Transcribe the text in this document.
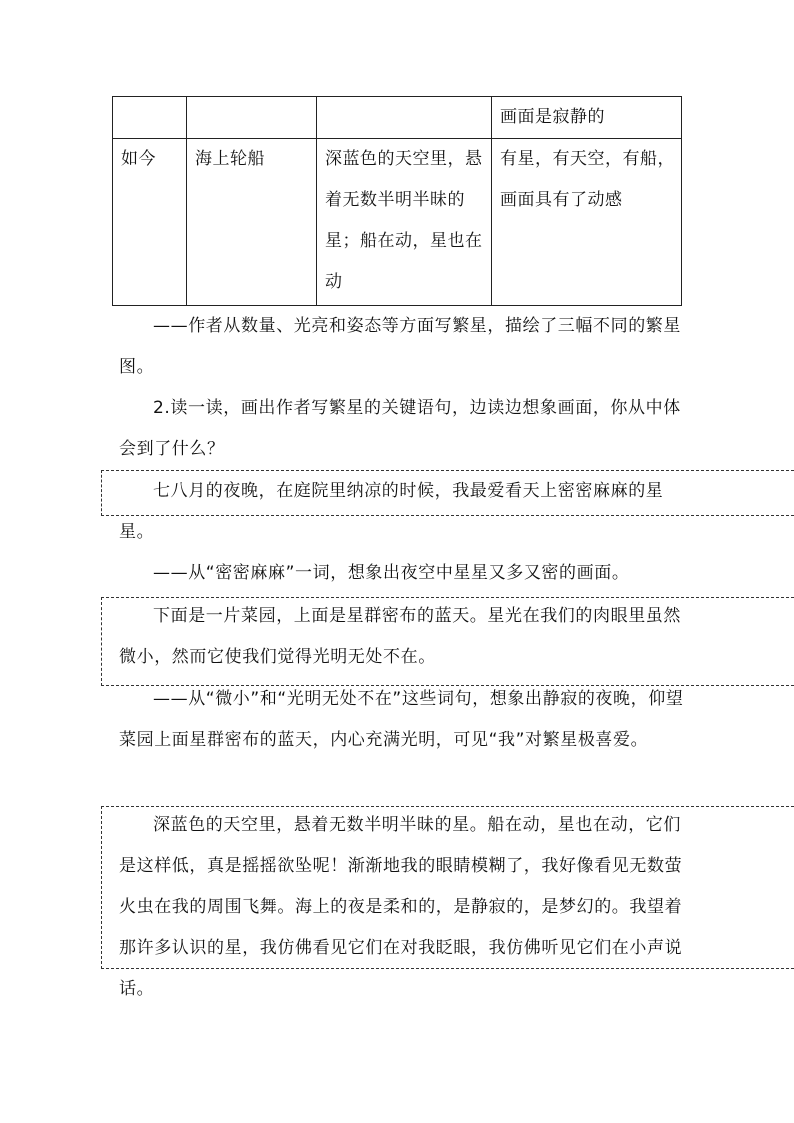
			画面是寂静的

如今	海上轮船	深蓝色的天空里，悬着无数半明半昧的星；船在动，星也在动	有星，有天空，有船，画面具有了动感

——作者从数量、光亮和姿态等方面写繁星，描绘了三幅不同的繁星图。

2.读一读，画出作者写繁星的关键语句，边读边想象画面，你从中体会到了什么？

七八月的夜晚，在庭院里纳凉的时候，我最爱看天上密密麻麻的星星。

——从“密密麻麻”一词，想象出夜空中星星又多又密的画面。

下面是一片菜园，上面是星群密布的蓝天。星光在我们的肉眼里虽然微小，然而它使我们觉得光明无处不在。

——从“微小”和“光明无处不在”这些词句，想象出静寂的夜晚，仰望菜园上面星群密布的蓝天，内心充满光明，可见“我”对繁星极喜爱。

深蓝色的天空里，悬着无数半明半昧的星。船在动，星也在动，它们是这样低，真是摇摇欲坠呢！渐渐地我的眼睛模糊了，我好像看见无数萤火虫在我的周围飞舞。海上的夜是柔和的，是静寂的，是梦幻的。我望着那许多认识的星，我仿佛看见它们在对我眨眼，我仿佛听见它们在小声说话。
